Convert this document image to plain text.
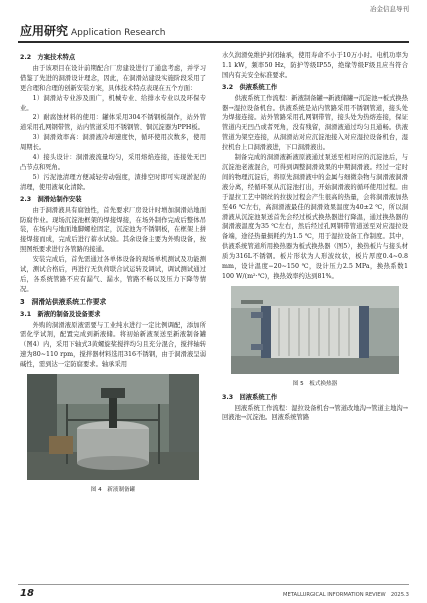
冶金信息导刊
应用研究 Application Research
2.2　方案技术特点

由于该项目在设计前期配合厂房建设进行了通盘考虑，并学习借鉴了先进的洞滑设计理念，因此，在洞滑站建设实施阶段采用了更合理和合理的创新安装方案，具体技术特点表现在五个方面：

1）洞滑站专业涉及面广，机械专业、给排水专业以及环保专业。

2）耐腐蚀材料的使用：罐体采用304不锈钢板制作，站外管道采用孔网钢带管，站内管道采用不锈钢管、铜沉淀器为PPH板。

3）洞滑效率高：洞滑液冷却速度快，循环使用次数多，使用周期长。

4）接头设计：洞滑液流量均匀，采用熔焰连接，连接处无凹凸节点和死角。

5）污泥池清理方便减轻劳动强度，渣排空时即可实现淤泥的清理，使用液氧化清除。

2.3　洞滑站制作安装

由于洞滑液具有腐蚀性，首先要求厂房设计时增加洞滑站地面防腐作业。现场沉淀池框架的焊接焊接，在场外制作完成后整体吊装，在场内与地面地脚螺栓固定，沉淀池为不锈钢板，在框架上拼接焊接而成，完成后进行蓄水试验。其余设备主要为外购设备，按照图纸要求进行各管路的接通。

安装完成后，首先需通过各单体设备的现场单机测试及功能测试，测试合格后，再进行无负荷联合试运转及调试，调试测试通过后，各系统管路不应有漏气、漏水，管路不畅以及压力下降等情况。

3　洞滑站供液系统工作要求
3.1　新液的制备及设备要求

外购的洞滑液原液需要与工业纯水进行一定比例调配，添加所需化学试剂，配置完成到新液储。将初始新液泵送至新液制备罐（图4）内，采用下轴式3黄螺旋桨搅拌均匀且充分混合，搅拌轴转速为80~110 rpm，搅拌器材料选用316不锈钢，由于洞滑液呈弱碱性，需到达一定防腐要求。轴承采用

图 4　新液制备罐

水久润滑免维护封闭轴承，使用寿命不小于10万小时。电机功率为1.1 kW，频率50 Hz，防护等级IP55，绝缘等级F级且应当符合国内有关安全标准要求。

3.2　供液系统工作

供液系统工作流程：新液制备罐→新液储罐→沉淀池→板式换热器→湿拉设备机台。供液系统是站内管路采用不锈钢管道，接头处为焊接连接。站外管路采用孔网钢带管，接头处为热熔连接，保证管道内无凹凸或者死角，没有残留，洞滑液通过均匀且通畅。供液管道为架空连接，从洞滑站对应沉淀池接入对应湿拉设备机台，湿拉机台上口洞滑液进，下口洞滑液出。

制备完成的洞滑液新液原液通过泵送至相对应的沉淀池后，与沉淀池老液混合，可得到调整洞滑效果的中期洞滑液。经过一定时间的物理沉淀后，将原先洞滑液中的金属与细微杂物与洞滑液洞滑液分离，经循环泵从沉淀池打出，开始洞滑液的循环使用过程。由于湿拉工艺中钢丝的拉拔过程会产生很高的热量，会将洞滑液加热至46 ℃左右，高洞滑液最佳的洞滑效果温度为40±2 ℃，所以洞滑液从沉淀池泵送首先会经过板式换热器进行降温，通过换热器的洞滑液温度为35 ℃左右，然后经过孔网钢带管道送至对应湿拉设备端，途径热量损耗约为1.5 ℃，用于湿拉设备工作制度。其中，供液系统管道所用换热器为板式换热器（图5），换热板片与接头材质为316L不锈钢。板片形状为人形波纹状，板片厚度0.4~0.8 mm，设计温度−20~150 ℃，设计压力2.5 MPa，换热系数1 100 W/(m²·℃)，换热效率约达到81%。

图 5　板式换热器
3.3　回液系统工作

回液系统工作流程：湿拉设备机台→管道改地沟→管道主地沟→回液池→沉淀池。回液系统管路

18	METALLURGICAL INFORMATION REVIEW　2025.3
